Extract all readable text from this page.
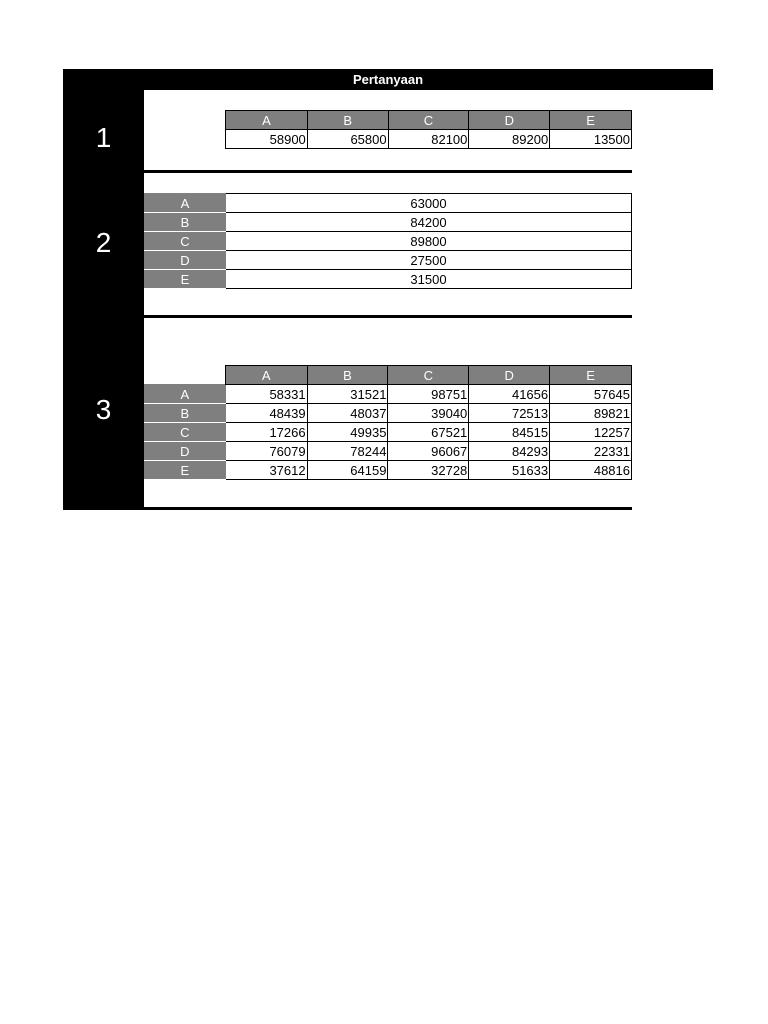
Pertanyaan
1
2
3
A	B	C	D	E
58900	65800	82100	89200	13500
A	63000
B	84200
C	89800
D	27500
E	31500
	A	B	C	D	E
A	58331	31521	98751	41656	57645
B	48439	48037	39040	72513	89821
C	17266	49935	67521	84515	12257
D	76079	78244	96067	84293	22331
E	37612	64159	32728	51633	48816
